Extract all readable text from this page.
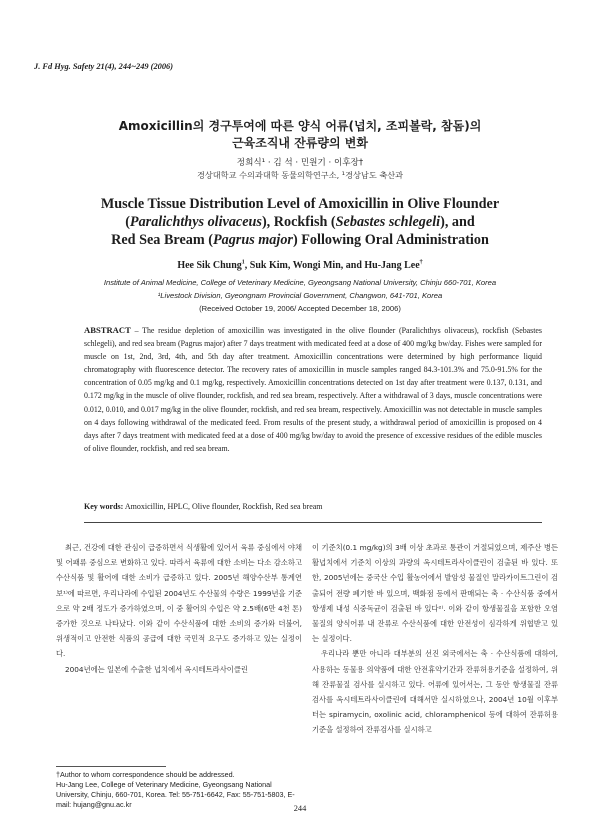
J. Fd Hyg. Safety 21(4), 244~249 (2006)
Amoxicillin의 경구투여에 따른 양식 어류(넙치, 조피볼락, 참돔)의
근육조직내 잔류량의 변화
정희식¹ · 김 석 · 민원기 · 이후장†
경상대학교 수의과대학 동물의학연구소, ¹경상남도 축산과
Muscle Tissue Distribution Level of Amoxicillin in Olive Flounder
(Paralichthys olivaceus), Rockfish (Sebastes schlegeli), and
Red Sea Bream (Pagrus major) Following Oral Administration
Hee Sik Chung$^1$, Suk Kim, Wongi Min, and Hu-Jang Lee†
Institute of Animal Medicine, College of Veterinary Medicine, Gyeongsang National University, Chinju 660-701, Korea
¹Livestock Division, Gyeongnam Provincial Government, Changwon, 641-701, Korea
(Received October 19, 2006/ Accepted December 18, 2006)
ABSTRACT – The residue depletion of amoxicillin was investigated in the olive flounder (Paralichthys olivaceus), rockfish (Sebastes schlegeli), and red sea bream (Pagrus major) after 7 days treatment with medicated feed at a dose of 400 mg/kg bw/day. Fishes were sampled for muscle on 1st, 2nd, 3rd, 4th, and 5th day after treatment. Amoxicillin concentrations were determined by high performance liquid chromatography with fluorescence detector. The recovery rates of amoxicillin in muscle samples ranged 84.3-101.3% and 75.0-91.5% for the concentration of 0.05 mg/kg and 0.1 mg/kg, respectively. Amoxicillin concentrations detected on 1st day after treatment were 0.137, 0.131, and 0.172 mg/kg in the muscle of olive flounder, rockfish, and red sea bream, respectively. After a withdrawal of 3 days, muscle concentrations were 0.012, 0.010, and 0.017 mg/kg in the olive flounder, rockfish, and red sea bream, respectively. Amoxicillin was not detectable in muscle samples on 4 days following withdrawal of the medicated feed. From results of the present study, a withdrawal period of amoxicillin is proposed on 4 days after 7 days treatment with medicated feed at a dose of 400 mg/kg bw/day to avoid the presence of excessive residues of the edible muscles of olive flounder, rockfish, and red sea bream.
Key words: Amoxicillin, HPLC, Olive flounder, Rockfish, Red sea bream

최근, 건강에 대한 관심이 급증하면서 식생활에 있어서 육류 중심에서 야채 및 어패류 중심으로 변화하고 있다. 따라서 육류에 대한 소비는 다소 감소하고 수산식품 및 활어에 대한 소비가 급증하고 있다. 2005년 해양수산부 통계연보¹⁾에 따르면, 우리나라에 수입된 2004년도 수산물의 수량은 1999년을 기준으로 약 2배 정도가 증가하였으며, 이 중 활어의 수입은 약 2.5배(6만 4천 톤) 증가한 것으로 나타났다. 이와 같이 수산식품에 대한 소비의 증가와 더불어, 위생적이고 안전한 식품의 공급에 대한 국민적 요구도 증가하고 있는 실정이다.

2004년에는 일본에 수출한 넙치에서 옥시테트라사이클린

이 기준치(0.1 mg/kg)의 3배 이상 초과로 통관이 거절되었으며, 제주산 병든 활넙치에서 기준치 이상의 과량의 옥시테트라사이클린이 검출된 바 있다. 또한, 2005년에는 중국산 수입 활농어에서 발암성 물질인 말라카이트그린이 검출되어 전량 폐기한 바 있으며, 백화점 등에서 판매되는 축 · 수산식품 중에서 항생제 내성 식중독균이 검출된 바 있다²⁾. 이와 같이 항생물질을 포함한 오염물질의 양식어류 내 잔류로 수산식품에 대한 안전성이 심각하게 위협받고 있는 실정이다.

우리나라 뿐만 아니라 대부분의 선진 외국에서는 축 · 수산식품에 대하여, 사용하는 동물용 의약품에 대한 안전휴약기간과 잔류허용기준을 설정하여, 위해 잔류물질 검사를 실시하고 있다. 어류에 있어서는, 그 동안 항생물질 잔류검사를 옥시테트라사이클린에 대해서만 실시하였으나, 2004년 10월 이후부터는 spiramycin, oxolinic acid, chloramphenicol 등에 대하여 잔류허용기준을 설정하여 잔류검사를 실시하고

†Author to whom correspondence should be addressed.
Hu-Jang Lee, College of Veterinary Medicine, Gyeongsang National University, Chinju, 660-701, Korea. Tel: 55-751-6642, Fax: 55-751-5803, E-mail: hujang@gnu.ac.kr	244
